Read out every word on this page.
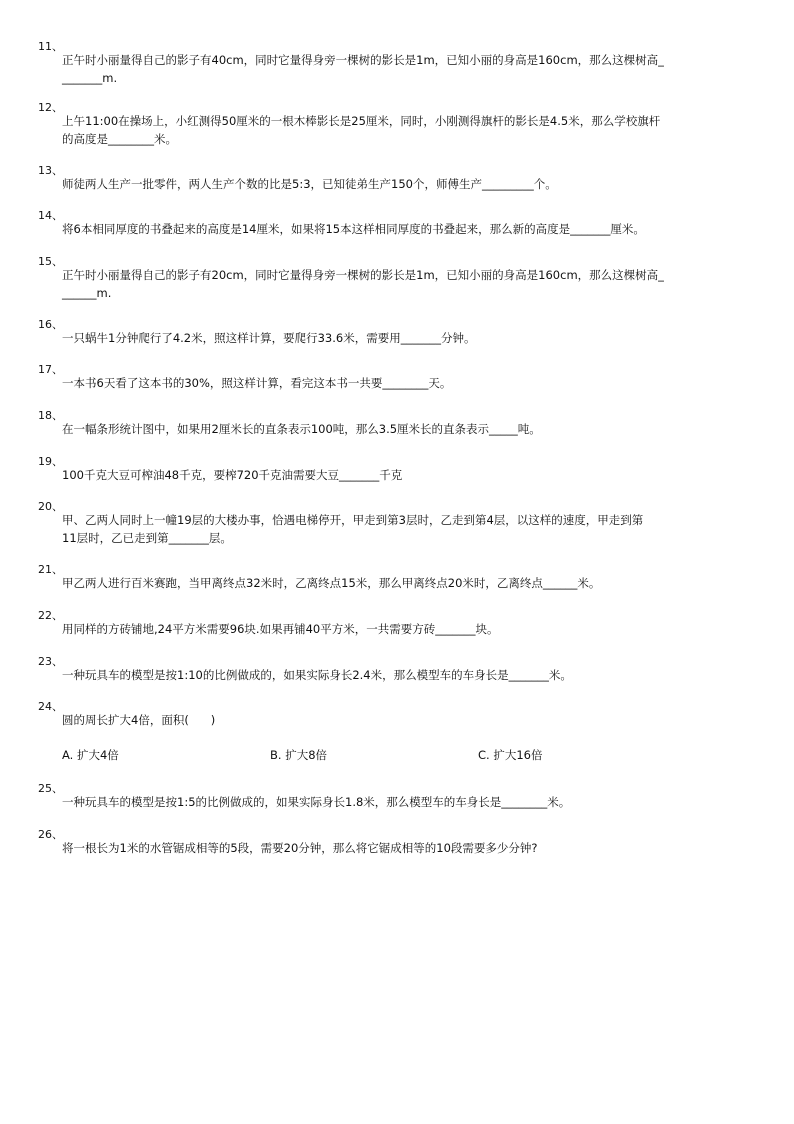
11、
正午时小丽量得自己的影子有40cm，同时它量得身旁一棵树的影长是1m，已知小丽的身高是160cm，那么这棵树高_
_______m.
12、
上午11:00在操场上，小红测得50厘米的一根木棒影长是25厘米，同时，小刚测得旗杆的影长是4.5米，那么学校旗杆
的高度是________米。
13、
师徒两人生产一批零件，两人生产个数的比是5:3，已知徒弟生产150个，师傅生产_________个。
14、
将6本相同厚度的书叠起来的高度是14厘米，如果将15本这样相同厚度的书叠起来，那么新的高度是_______厘米。
15、
正午时小丽量得自己的影子有20cm，同时它量得身旁一棵树的影长是1m，已知小丽的身高是160cm，那么这棵树高_
______m.
16、
一只蜗牛1分钟爬行了4.2米，照这样计算，要爬行33.6米，需要用_______分钟。
17、
一本书6天看了这本书的30%，照这样计算，看完这本书一共要________天。
18、
在一幅条形统计图中，如果用2厘米长的直条表示100吨，那么3.5厘米长的直条表示_____吨。
19、
100千克大豆可榨油48千克，要榨720千克油需要大豆_______千克
20、
甲、乙两人同时上一幢19层的大楼办事，恰遇电梯停开，甲走到第3层时，乙走到第4层，以这样的速度，甲走到第
11层时，乙已走到第_______层。
21、
甲乙两人进行百米赛跑，当甲离终点32米时，乙离终点15米，那么甲离终点20米时，乙离终点______米。
22、
用同样的方砖铺地,24平方米需要96块.如果再铺40平方米，一共需要方砖_______块。
23、
一种玩具车的模型是按1:10的比例做成的，如果实际身长2.4米，那么模型车的车身长是_______米。
24、
圆的周长扩大4倍，面积(      )
A. 扩大4倍	B. 扩大8倍	C. 扩大16倍
25、
一种玩具车的模型是按1:5的比例做成的，如果实际身长1.8米，那么模型车的车身长是________米。
26、
将一根长为1米的水管锯成相等的5段，需要20分钟，那么将它锯成相等的10段需要多少分钟?
